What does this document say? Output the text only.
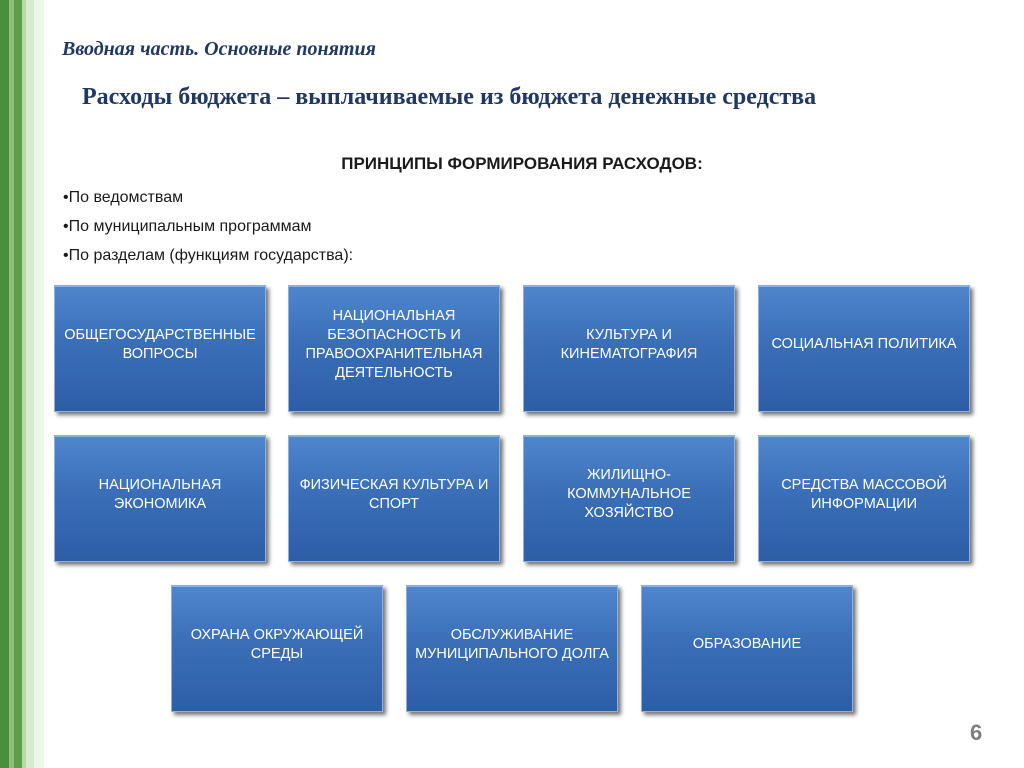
Вводная часть. Основные понятия
Расходы бюджета – выплачиваемые из бюджета денежные средства
ПРИНЦИПЫ ФОРМИРОВАНИЯ РАСХОДОВ:
•По ведомствам
•По муниципальным программам
•По разделам (функциям государства):
ОБЩЕГОСУДАРСТВЕННЫЕ ВОПРОСЫ
НАЦИОНАЛЬНАЯ БЕЗОПАСНОСТЬ И ПРАВООХРАНИТЕЛЬНАЯ ДЕЯТЕЛЬНОСТЬ
КУЛЬТУРА И КИНЕМАТОГРАФИЯ
СОЦИАЛЬНАЯ ПОЛИТИКА
НАЦИОНАЛЬНАЯ ЭКОНОМИКА
ФИЗИЧЕСКАЯ КУЛЬТУРА И СПОРТ
ЖИЛИЩНО-КОММУНАЛЬНОЕ ХОЗЯЙСТВО
СРЕДСТВА МАССОВОЙ ИНФОРМАЦИИ
ОХРАНА ОКРУЖАЮЩЕЙ СРЕДЫ
ОБСЛУЖИВАНИЕ МУНИЦИПАЛЬНОГО ДОЛГА
ОБРАЗОВАНИЕ
6
